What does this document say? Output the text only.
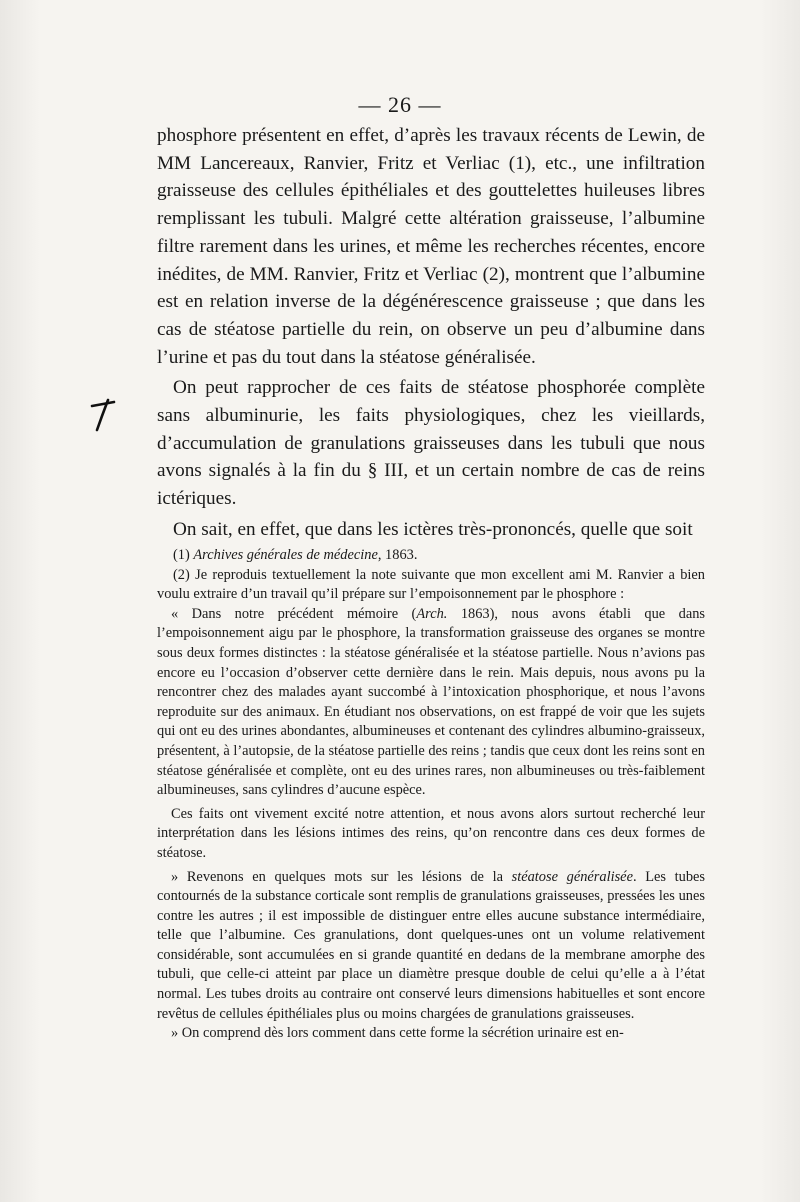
— 26 —

phosphore présentent en effet, d’après les travaux récents de Lewin, de MM Lancereaux, Ranvier, Fritz et Verliac (1), etc., une infiltration graisseuse des cellules épithéliales et des gouttelettes huileuses libres remplissant les tubuli. Malgré cette altération graisseuse, l’albumine filtre rarement dans les urines, et même les recherches récentes, encore inédites, de MM. Ranvier, Fritz et Verliac (2), montrent que l’albumine est en relation inverse de la dégénérescence graisseuse ; que dans les cas de stéatose partielle du rein, on observe un peu d’albumine dans l’urine et pas du tout dans la stéatose généralisée.

On peut rapprocher de ces faits de stéatose phosphorée complète sans albuminurie, les faits physiologiques, chez les vieillards, d’accumulation de granulations graisseuses dans les tubuli que nous avons signalés à la fin du § III, et un certain nombre de cas de reins ictériques.

On sait, en effet, que dans les ictères très-prononcés, quelle que soit

(1) Archives générales de médecine, 1863.

(2) Je reproduis textuellement la note suivante que mon excellent ami M. Ranvier a bien voulu extraire d’un travail qu’il prépare sur l’empoisonnement par le phosphore :

« Dans notre précédent mémoire (Arch. 1863), nous avons établi que dans l’empoisonnement aigu par le phosphore, la transformation graisseuse des organes se montre sous deux formes distinctes : la stéatose généralisée et la stéatose partielle. Nous n’avions pas encore eu l’occasion d’observer cette dernière dans le rein. Mais depuis, nous avons pu la rencontrer chez des malades ayant succombé à l’intoxication phosphorique, et nous l’avons reproduite sur des animaux. En étudiant nos observations, on est frappé de voir que les sujets qui ont eu des urines abondantes, albumineuses et contenant des cylindres albumino-graisseux, présentent, à l’autopsie, de la stéatose partielle des reins ; tandis que ceux dont les reins sont en stéatose généralisée et complète, ont eu des urines rares, non albumineuses ou très-faiblement albumineuses, sans cylindres d’aucune espèce.

Ces faits ont vivement excité notre attention, et nous avons alors surtout recherché leur interprétation dans les lésions intimes des reins, qu’on rencontre dans ces deux formes de stéatose.

» Revenons en quelques mots sur les lésions de la stéatose généralisée. Les tubes contournés de la substance corticale sont remplis de granulations graisseuses, pressées les unes contre les autres ; il est impossible de distinguer entre elles aucune substance intermédiaire, telle que l’albumine. Ces granulations, dont quelques-unes ont un volume relativement considérable, sont accumulées en si grande quantité en dedans de la membrane amorphe des tubuli, que celle-ci atteint par place un diamètre presque double de celui qu’elle a à l’état normal. Les tubes droits au contraire ont conservé leurs dimensions habituelles et sont encore revêtus de cellules épithéliales plus ou moins chargées de granulations graisseuses.

» On comprend dès lors comment dans cette forme la sécrétion urinaire est en-
